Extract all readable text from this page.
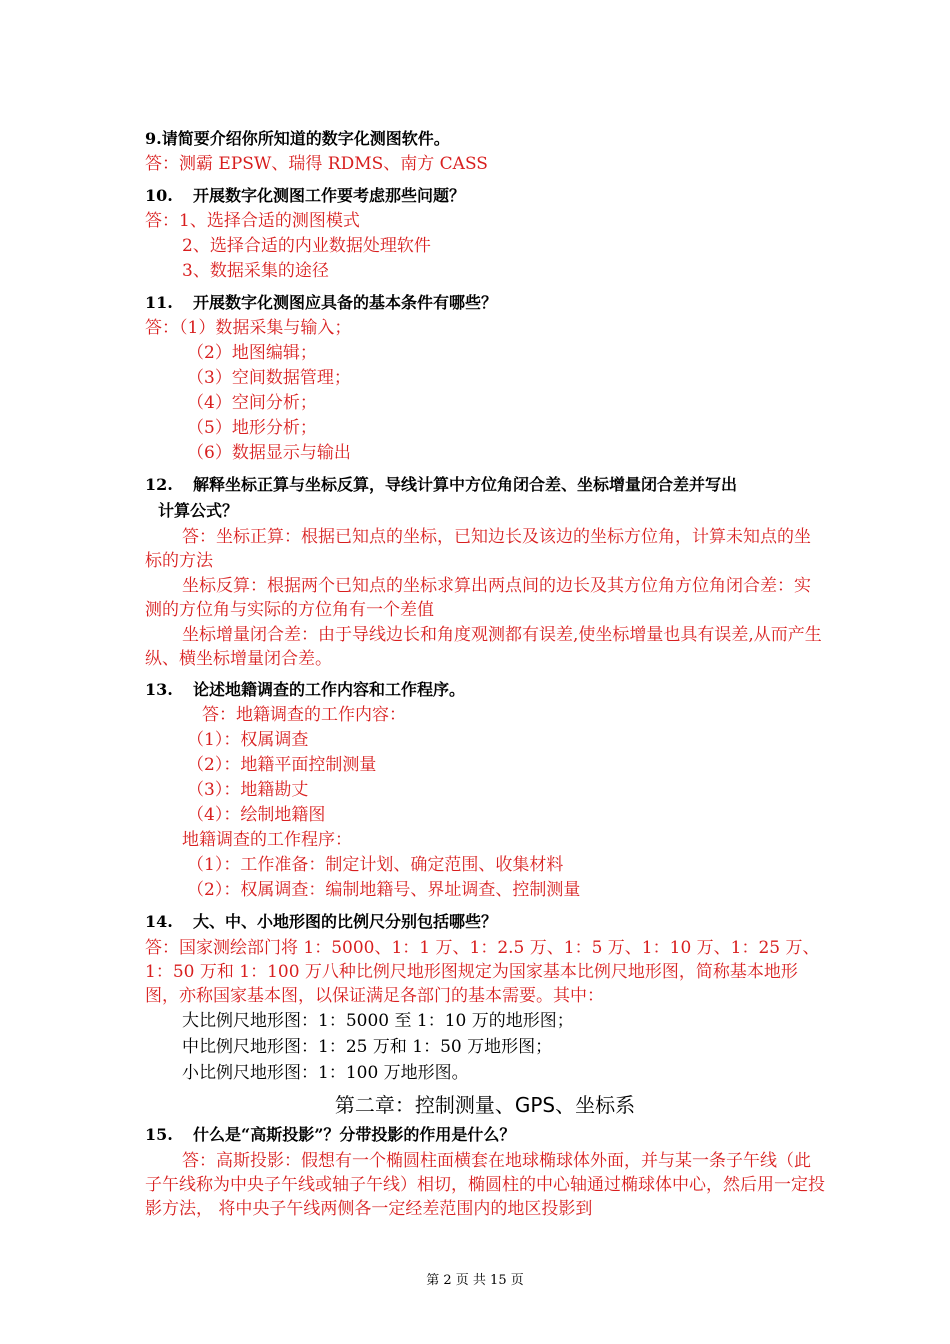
9.请简要介绍你所知道的数字化测图软件。
答：测霸 EPSW、瑞得 RDMS、南方 CASS
10. 开展数字化测图工作要考虑那些问题？
答：1、选择合适的测图模式
2、选择合适的内业数据处理软件
3、数据采集的途径
11. 开展数字化测图应具备的基本条件有哪些？
答：（1）数据采集与输入；
（2）地图编辑；
（3）空间数据管理；
（4）空间分析；
（5）地形分析；
（6）数据显示与输出
12. 解释坐标正算与坐标反算，导线计算中方位角闭合差、坐标增量闭合差并写出
计算公式？
答：坐标正算：根据已知点的坐标，已知边长及该边的坐标方位角，计算未知点的坐标的方法
坐标反算：根据两个已知点的坐标求算出两点间的边长及其方位角方位角闭合差：实测的方位角与实际的方位角有一个差值
坐标增量闭合差：由于导线边长和角度观测都有误差,使坐标增量也具有误差,从而产生纵、横坐标增量闭合差。
13. 论述地籍调查的工作内容和工作程序。
答：地籍调查的工作内容：
（1）：权属调查
（2）：地籍平面控制测量
（3）：地籍勘丈
（4）：绘制地籍图
地籍调查的工作程序：
（1）：工作准备：制定计划、确定范围、收集材料
（2）：权属调查：编制地籍号、界址调查、控制测量
14. 大、中、小地形图的比例尺分别包括哪些？
答：国家测绘部门将 1：5000、1：1 万、1：2.5 万、1：5 万、1：10 万、1：25 万、1：50 万和 1：100 万八种比例尺地形图规定为国家基本比例尺地形图，简称基本地形图，亦称国家基本图，以保证满足各部门的基本需要。其中：
大比例尺地形图：1：5000 至 1：10 万的地形图；
中比例尺地形图：1：25 万和 1：50 万地形图；
小比例尺地形图：1：100 万地形图。
第二章：控制测量、GPS、坐标系
15. 什么是“高斯投影”？分带投影的作用是什么？
答：高斯投影：假想有一个椭圆柱面横套在地球椭球体外面，并与某一条子午线（此子午线称为中央子午线或轴子午线）相切，椭圆柱的中心轴通过椭球体中心，然后用一定投影方法， 将中央子午线两侧各一定经差范围内的地区投影到
第 2 页 共 15 页
